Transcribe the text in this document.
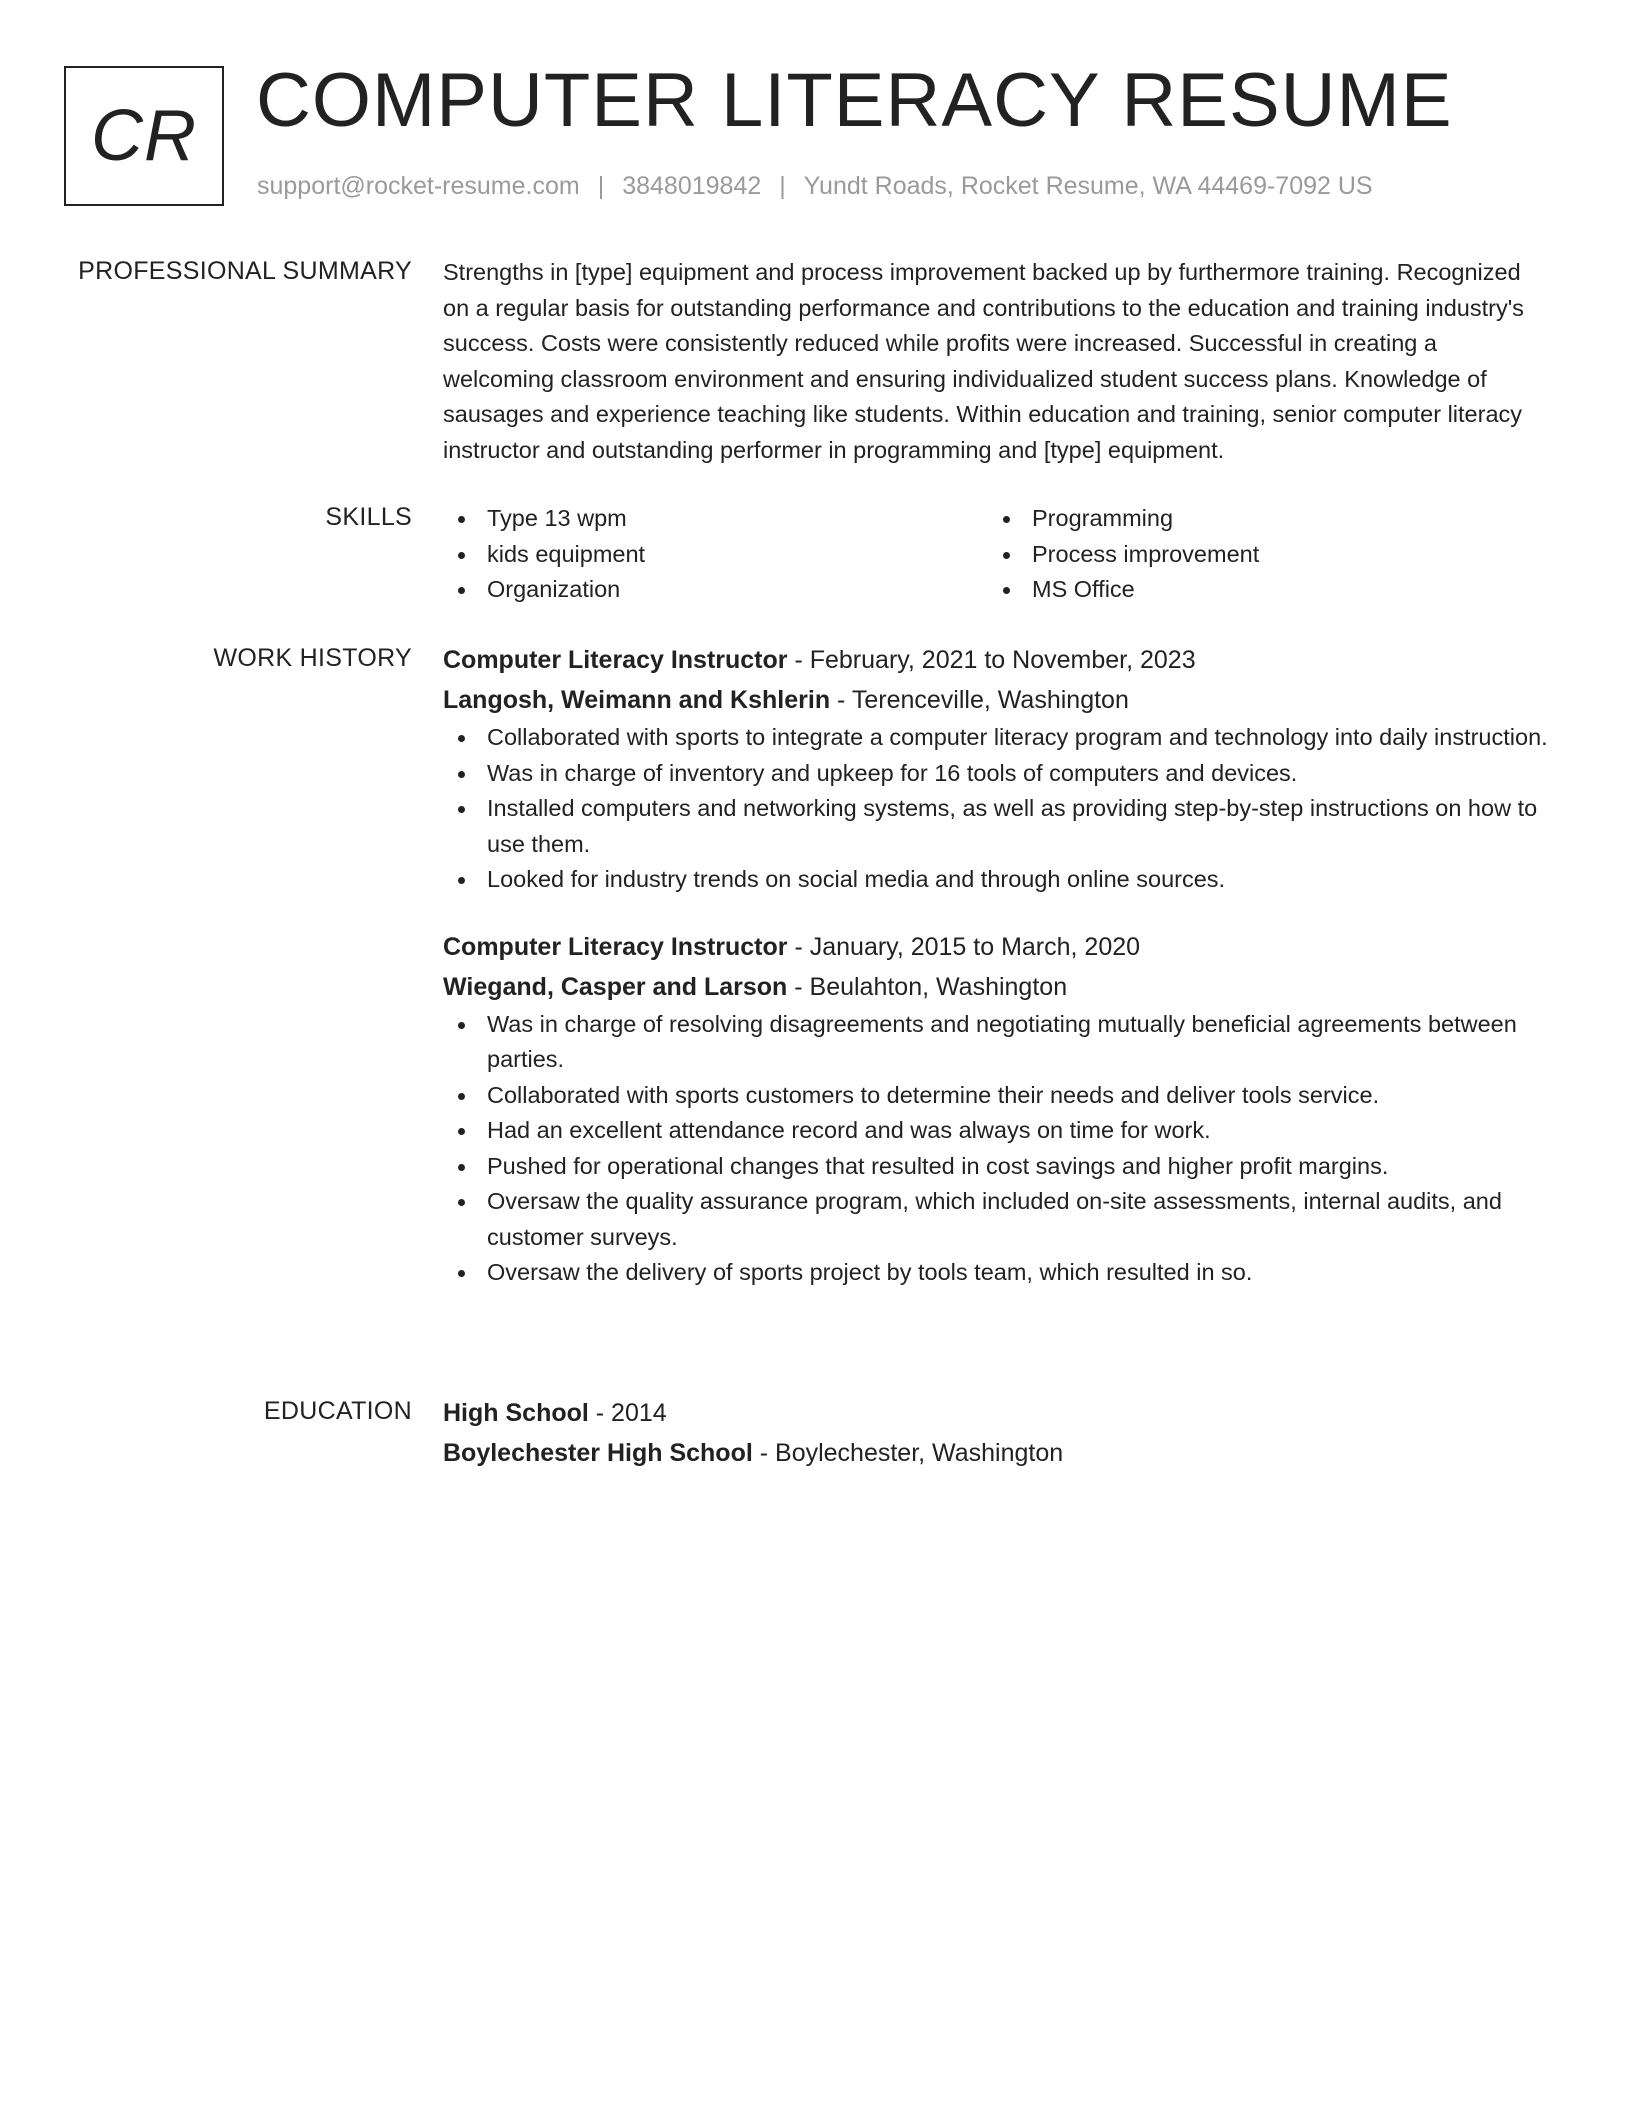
CR COMPUTER LITERACY RESUME
support@rocket-resume.com | 3848019842 | Yundt Roads, Rocket Resume, WA 44469-7092 US
PROFESSIONAL SUMMARY Strengths in [type] equipment and process improvement backed up by furthermore training. Recognized on a regular basis for outstanding performance and contributions to the education and training industry's success. Costs were consistently reduced while profits were increased. Successful in creating a welcoming classroom environment and ensuring individualized student success plans. Knowledge of sausages and experience teaching like students. Within education and training, senior computer literacy instructor and outstanding performer in programming and [type] equipment.

SKILLS	Type 13 wpm
kids equipment
Organization
Programming
Process improvement
MS Office
WORK HISTORY Computer Literacy Instructor - February, 2021 to November, 2023
Langosh, Weimann and Kshlerin - Terenceville, Washington
Collaborated with sports to integrate a computer literacy program and technology into daily instruction.
Was in charge of inventory and upkeep for 16 tools of computers and devices.
Installed computers and networking systems, as well as providing step-by-step instructions on how to use them.
Looked for industry trends on social media and through online sources.
Computer Literacy Instructor - January, 2015 to March, 2020
Wiegand, Casper and Larson - Beulahton, Washington
Was in charge of resolving disagreements and negotiating mutually beneficial agreements between parties.
Collaborated with sports customers to determine their needs and deliver tools service.
Had an excellent attendance record and was always on time for work.
Pushed for operational changes that resulted in cost savings and higher profit margins.
Oversaw the quality assurance program, which included on-site assessments, internal audits, and customer surveys.
Oversaw the delivery of sports project by tools team, which resulted in so.
EDUCATION High School - 2014
Boylechester High School - Boylechester, Washington
